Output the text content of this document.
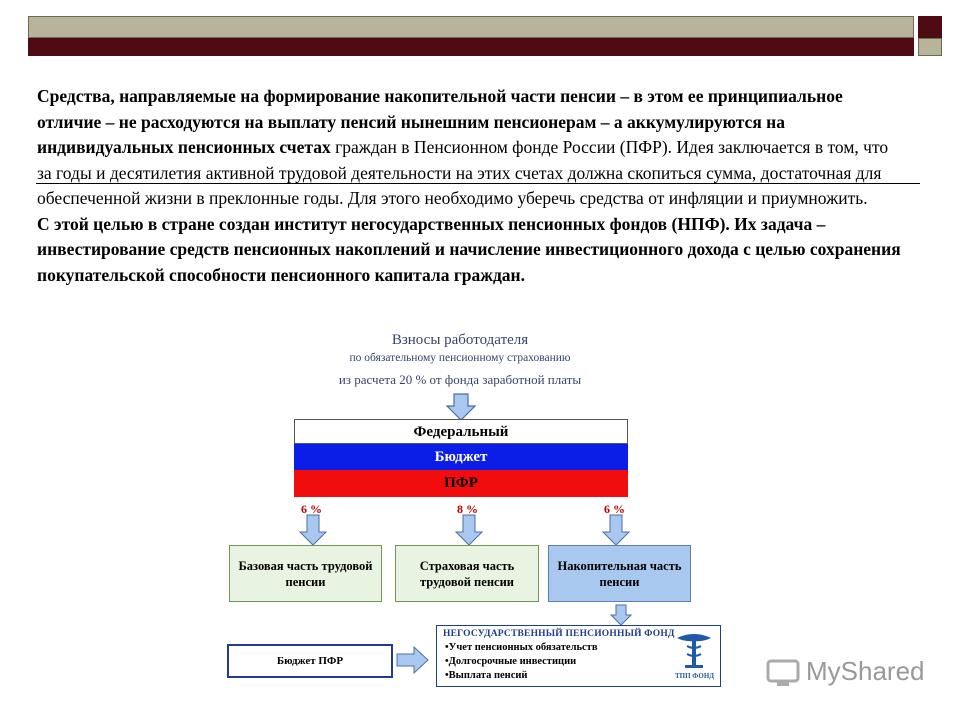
Средства, направляемые на формирование накопительной части пенсии – в этом ее принципиальное отличие – не расходуются на выплату пенсий нынешним пенсионерам – а аккумулируются на индивидуальных пенсионных счетах граждан в Пенсионном фонде России (ПФР). Идея заключается в том, что за годы и десятилетия активной трудовой деятельности на этих счетах должна скопиться сумма, достаточная для обеспеченной жизни в преклонные годы. Для этого необходимо уберечь средства от инфляции и приумножить.

С этой целью в стране создан институт негосударственных пенсионных фондов (НПФ). Их задача – инвестирование средств пенсионных накоплений и начисление инвестиционного дохода с целью сохранения покупательской способности пенсионного капитала граждан.

Взносы работодателя
по обязательному пенсионному страхованию
из расчета 20 % от фонда заработной платы
Федеральный
Бюджет
ПФР
6 %	8 %	6 %
Базовая часть трудовой пенсии
Страховая часть трудовой пенсии
Накопительная часть пенсии
Бюджет ПФР
НЕГОСУДАРСТВЕННЫЙ ПЕНСИОННЫЙ ФОНД
•Учет пенсионных обязательств
•Долгосрочные инвестиции
•Выплата пенсий	ТПП ФОНД	MyShared
